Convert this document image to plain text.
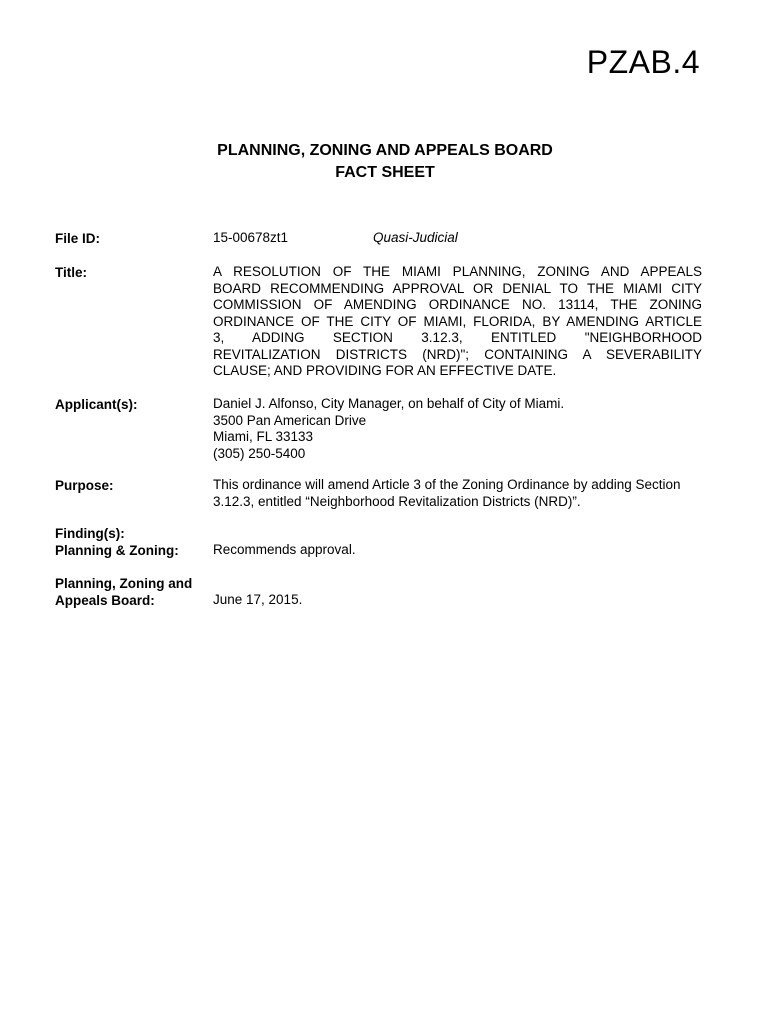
PZAB.4
PLANNING, ZONING AND APPEALS BOARD
FACT SHEET
File ID:	15-00678zt1	Quasi-Judicial
Title:	A RESOLUTION OF THE MIAMI PLANNING, ZONING AND APPEALS
BOARD RECOMMENDING APPROVAL OR DENIAL TO THE MIAMI CITY
COMMISSION OF AMENDING ORDINANCE NO. 13114, THE ZONING
ORDINANCE OF THE CITY OF MIAMI, FLORIDA, BY AMENDING ARTICLE
3, ADDING SECTION 3.12.3, ENTITLED "NEIGHBORHOOD
REVITALIZATION DISTRICTS (NRD)"; CONTAINING A SEVERABILITY
CLAUSE; AND PROVIDING FOR AN EFFECTIVE DATE.
Applicant(s):	Daniel J. Alfonso, City Manager, on behalf of City of Miami.
3500 Pan American Drive
Miami, FL 33133
(305) 250-5400
Purpose:	This ordinance will amend Article 3 of the Zoning Ordinance by adding Section
3.12.3, entitled “Neighborhood Revitalization Districts (NRD)”.
Finding(s):
Planning & Zoning:	Recommends approval.
Planning, Zoning and
Appeals Board:	June 17, 2015.
